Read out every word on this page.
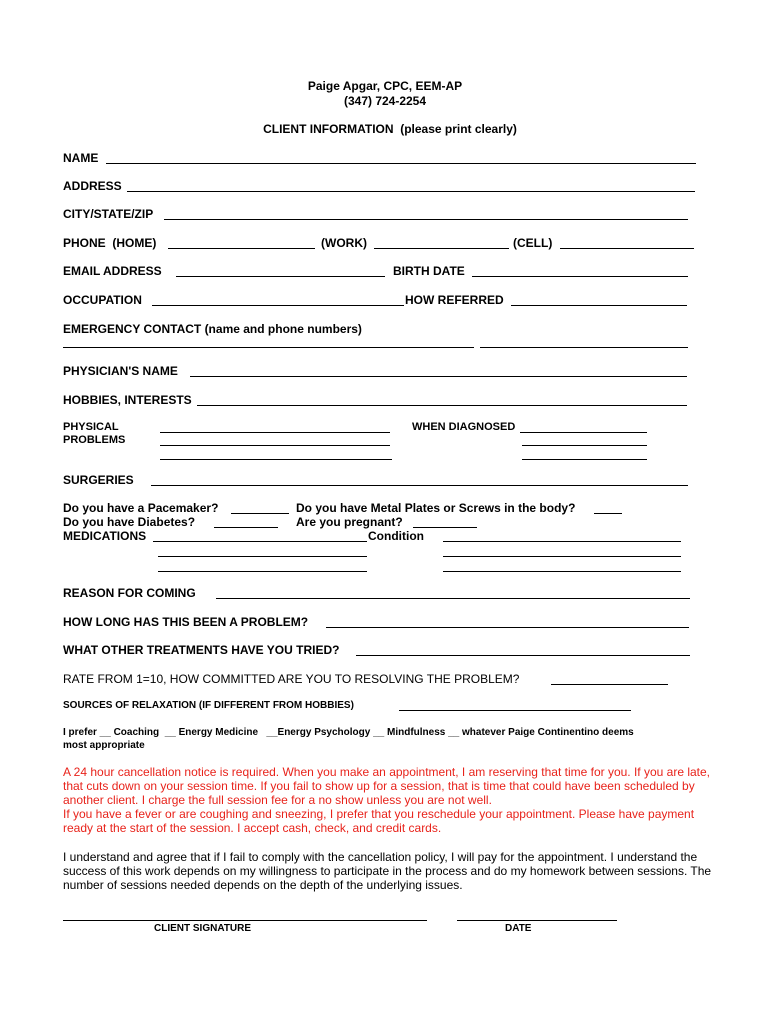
Paige Apgar, CPC, EEM-AP
(347) 724-2254
CLIENT INFORMATION  (please print clearly)
NAME
ADDRESS
CITY/STATE/ZIP
PHONE  (HOME)	(WORK)	(CELL)
EMAIL ADDRESS	BIRTH DATE
OCCUPATION	HOW REFERRED
EMERGENCY CONTACT (name and phone numbers)
PHYSICIAN'S NAME
HOBBIES, INTERESTS
PHYSICAL
PROBLEMS
WHEN DIAGNOSED
SURGERIES
Do you have a Pacemaker?	Do you have Metal Plates or Screws in the body?
Do you have Diabetes?	Are you pregnant?
MEDICATIONS	Condition
REASON FOR COMING
HOW LONG HAS THIS BEEN A PROBLEM?
WHAT OTHER TREATMENTS HAVE YOU TRIED?
RATE FROM 1=10, HOW COMMITTED ARE YOU TO RESOLVING THE PROBLEM?
SOURCES OF RELAXATION (IF DIFFERENT FROM HOBBIES)
I prefer __ Coaching  __ Energy Medicine   __Energy Psychology __ Mindfulness __ whatever Paige Continentino deems
most appropriate
A 24 hour cancellation notice is required. When you make an appointment, I am reserving that time for you. If you are late, that cuts down on your session time. If you fail to show up for a session, that is time that could have been scheduled by another client. I charge the full session fee for a no show unless you are not well.
If you have a fever or are coughing and sneezing, I prefer that you reschedule your appointment. Please have payment ready at the start of the session. I accept cash, check, and credit cards.
I understand and agree that if I fail to comply with the cancellation policy, I will pay for the appointment. I understand the success of this work depends on my willingness to participate in the process and do my homework between sessions. The number of sessions needed depends on the depth of the underlying issues.
CLIENT SIGNATURE	DATE
